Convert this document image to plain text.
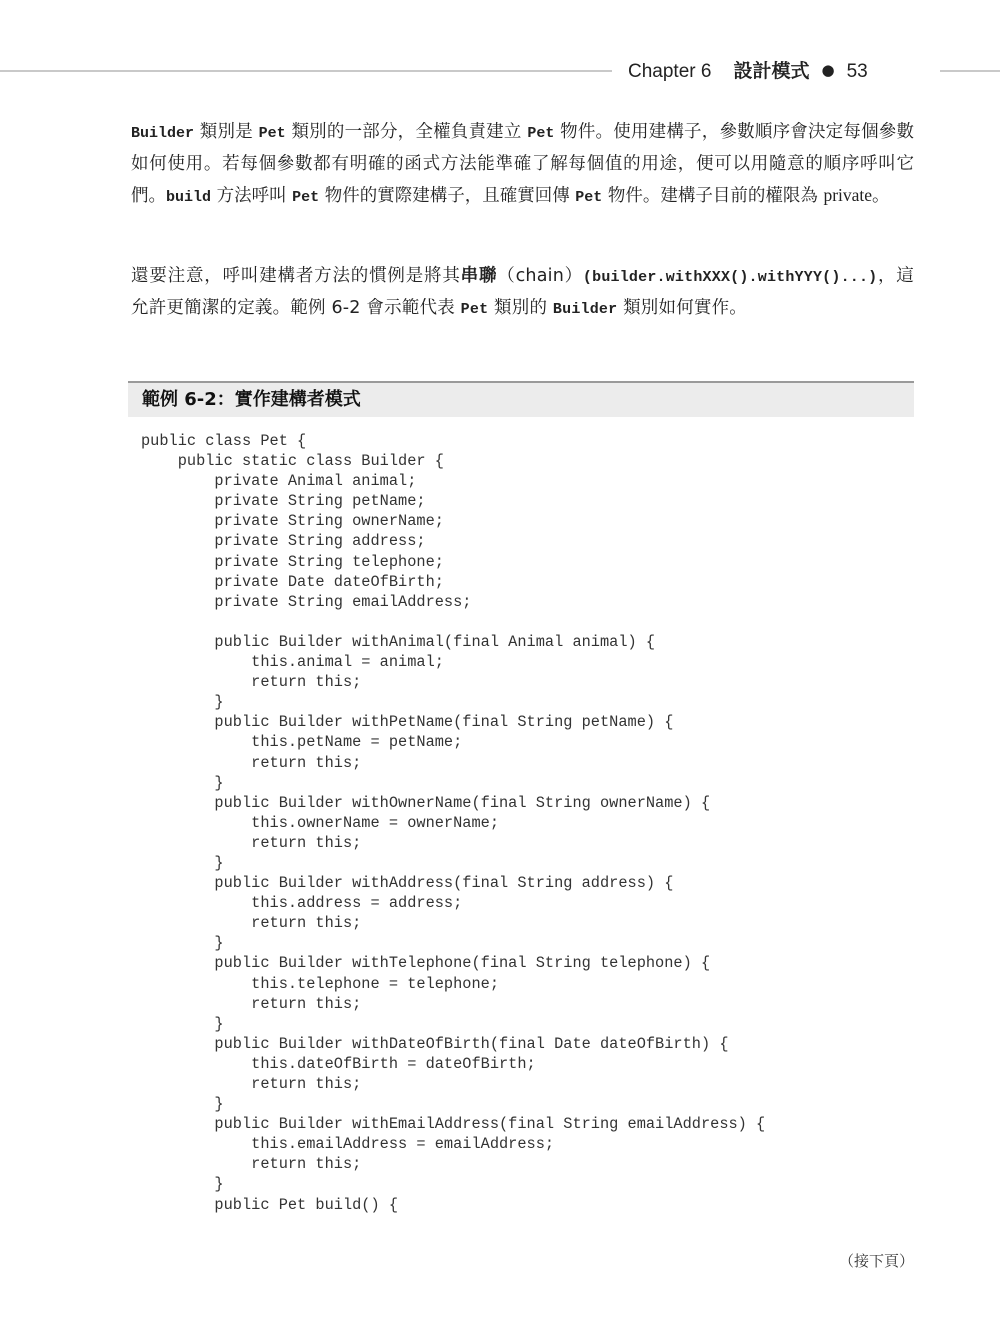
Chapter 6 設計模式 ● 53
Builder 類別是 Pet 類別的一部分，全權負責建立 Pet 物件。使用建構子，參數順序會決定每個參數如何使用。若每個參數都有明確的函式方法能準確了解每個值的用途，便可以用隨意的順序呼叫它們。build 方法呼叫 Pet 物件的實際建構子，且確實回傳 Pet 物件。建構子目前的權限為 private。
還要注意，呼叫建構者方法的慣例是將其串聯（chain）(builder.withXXX().withYYY()...)，這允許更簡潔的定義。範例 6-2 會示範代表 Pet 類別的 Builder 類別如何實作。
範例 6-2：實作建構者模式
public class Pet {
public static class Builder {
private Animal animal;
private String petName;
private String ownerName;
private String address;
private String telephone;
private Date dateOfBirth;
private String emailAddress;
public Builder withAnimal(final Animal animal) {
this.animal = animal;
return this;
}
public Builder withPetName(final String petName) {
this.petName = petName;
return this;
}
public Builder withOwnerName(final String ownerName) {
this.ownerName = ownerName;
return this;
}
public Builder withAddress(final String address) {
this.address = address;
return this;
}
public Builder withTelephone(final String telephone) {
this.telephone = telephone;
return this;
}
public Builder withDateOfBirth(final Date dateOfBirth) {
this.dateOfBirth = dateOfBirth;
return this;
}
public Builder withEmailAddress(final String emailAddress) {
this.emailAddress = emailAddress;
return this;
}
public Pet build() {
（接下頁）
